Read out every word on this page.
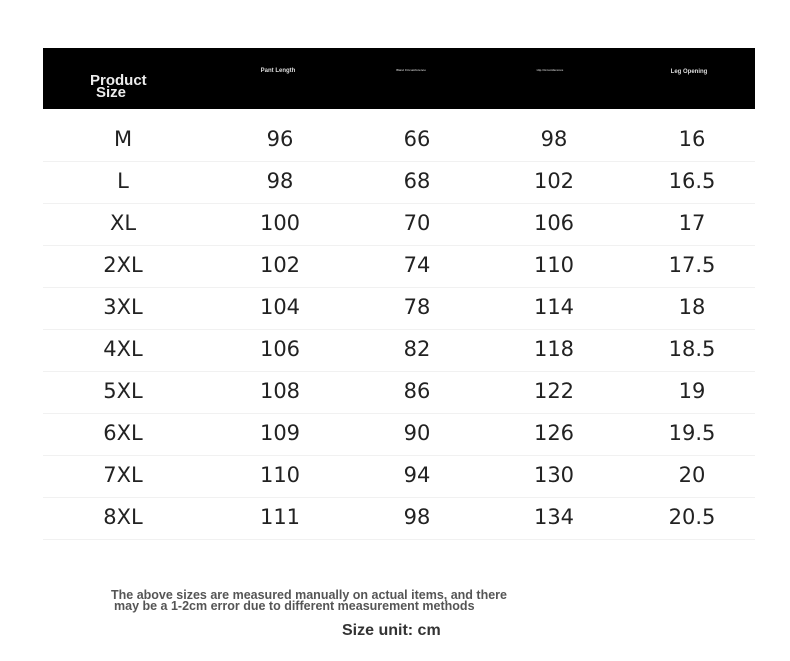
Product
Size
Pant Length	Waist Circumference	Hip Circumference	Leg Opening
M	96	66	98	16
L	98	68	102	16.5
XL	100	70	106	17
2XL	102	74	110	17.5
3XL	104	78	114	18
4XL	106	82	118	18.5
5XL	108	86	122	19
6XL	109	90	126	19.5
7XL	110	94	130	20
8XL	111	98	134	20.5
The above sizes are measured manually on actual items, and there
may be a 1-2cm error due to different measurement methods
Size unit: cm
